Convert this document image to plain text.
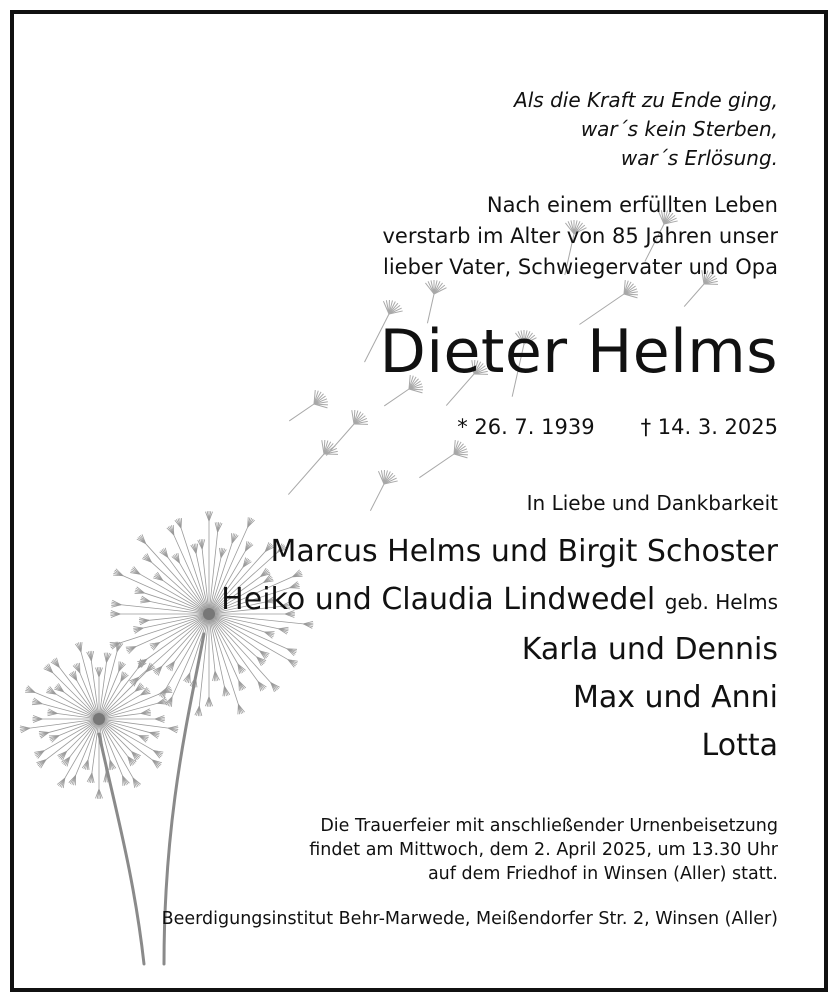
Als die Kraft zu Ende ging,
war´s kein Sterben,
war´s Erlösung.
Nach einem erfüllten Leben
verstarb im Alter von 85 Jahren unser
lieber Vater, Schwiegervater und Opa
Dieter Helms
* 26. 7. 1939 † 14. 3. 2025
In Liebe und Dankbarkeit
Marcus Helms und Birgit Schoster
Heiko und Claudia Lindwedel geb. Helms
Karla und Dennis
Max und Anni
Lotta
Die Trauerfeier mit anschließender Urnenbeisetzung
findet am Mittwoch, dem 2. April 2025, um 13.30 Uhr
auf dem Friedhof in Winsen (Aller) statt.
Beerdigungsinstitut Behr-Marwede, Meißendorfer Str. 2, Winsen (Aller)
